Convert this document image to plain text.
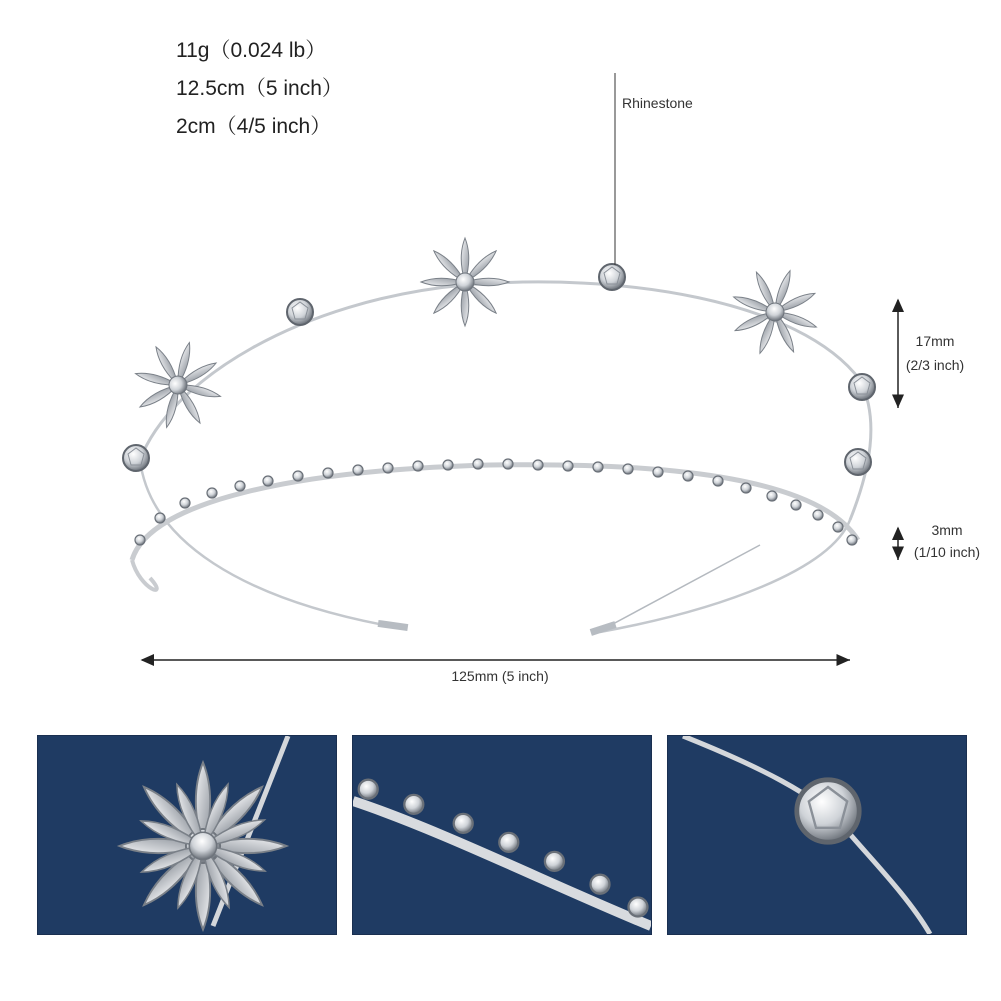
11g（0.024 lb）
12.5cm（5 inch）
2cm（4/5 inch）
Rhinestone
17mm
(2/3 inch)
3mm
(1/10 inch)
125mm (5 inch)
